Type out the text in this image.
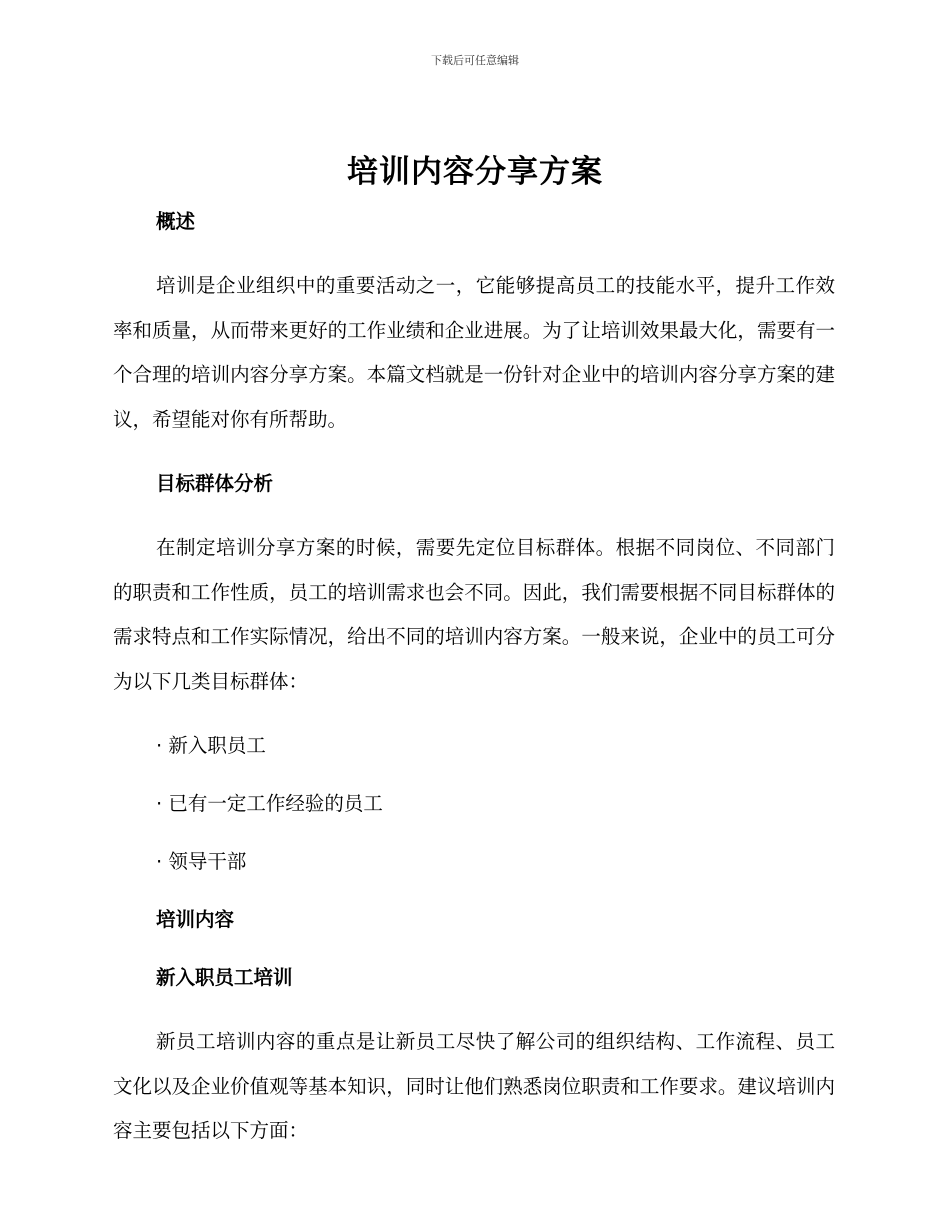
下载后可任意编辑
培训内容分享方案

概述

培训是企业组织中的重要活动之一，它能够提高员工的技能水平，提升工作效率和质量，从而带来更好的工作业绩和企业进展。为了让培训效果最大化，需要有一个合理的培训内容分享方案。本篇文档就是一份针对企业中的培训内容分享方案的建议，希望能对你有所帮助。

目标群体分析

在制定培训分享方案的时候，需要先定位目标群体。根据不同岗位、不同部门的职责和工作性质，员工的培训需求也会不同。因此，我们需要根据不同目标群体的需求特点和工作实际情况，给出不同的培训内容方案。一般来说，企业中的员工可分为以下几类目标群体：

· 新入职员工

· 已有一定工作经验的员工

· 领导干部

培训内容

新入职员工培训

新员工培训内容的重点是让新员工尽快了解公司的组织结构、工作流程、员工文化以及企业价值观等基本知识，同时让他们熟悉岗位职责和工作要求。建议培训内容主要包括以下方面：
